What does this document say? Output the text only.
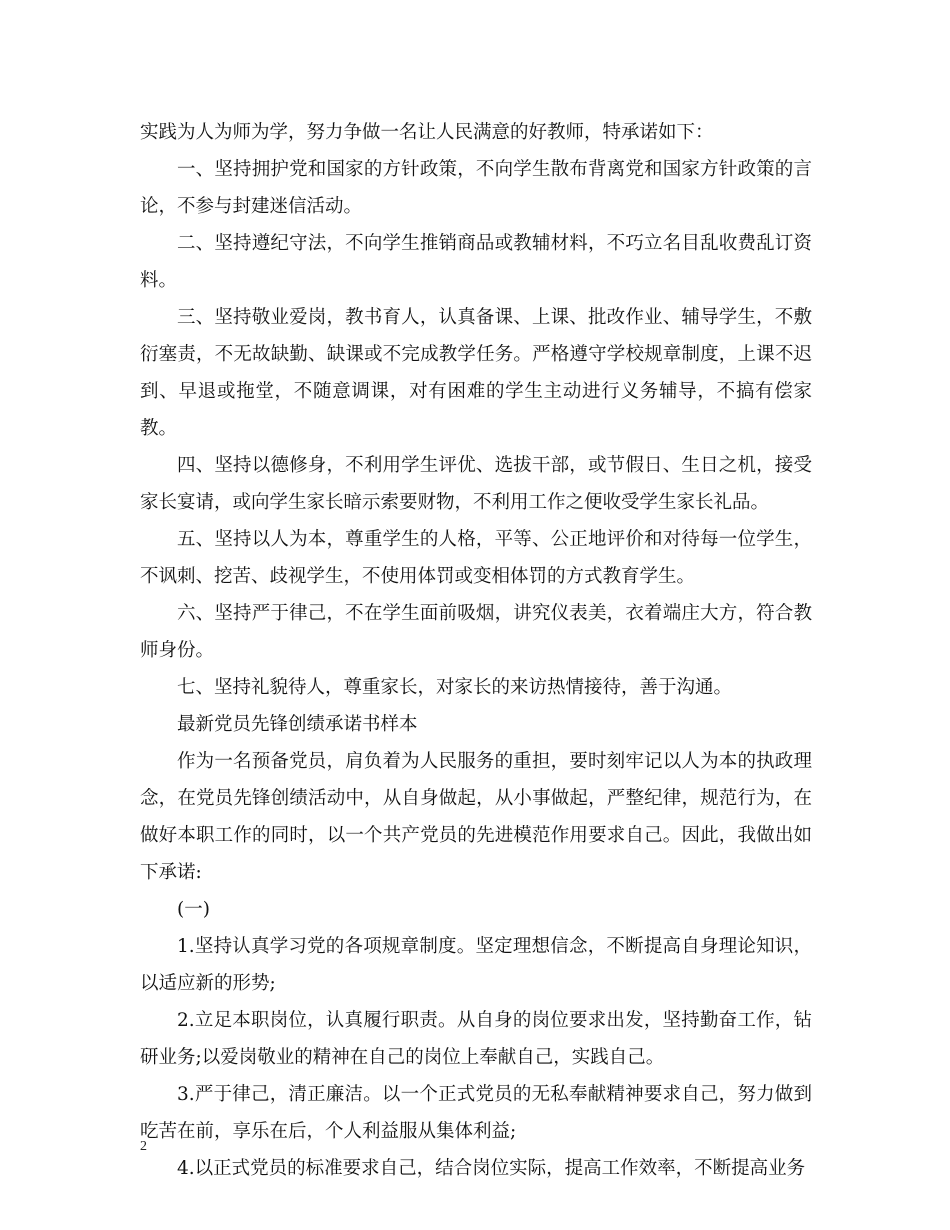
实践为人为师为学，努力争做一名让人民满意的好教师，特承诺如下：

一、坚持拥护党和国家的方针政策，不向学生散布背离党和国家方针政策的言论，不参与封建迷信活动。

二、坚持遵纪守法，不向学生推销商品或教辅材料，不巧立名目乱收费乱订资料。

三、坚持敬业爱岗，教书育人，认真备课、上课、批改作业、辅导学生，不敷衍塞责，不无故缺勤、缺课或不完成教学任务。严格遵守学校规章制度，上课不迟到、早退或拖堂，不随意调课，对有困难的学生主动进行义务辅导，不搞有偿家教。

四、坚持以德修身，不利用学生评优、选拔干部，或节假日、生日之机，接受家长宴请，或向学生家长暗示索要财物，不利用工作之便收受学生家长礼品。

五、坚持以人为本，尊重学生的人格，平等、公正地评价和对待每一位学生，不讽刺、挖苦、歧视学生，不使用体罚或变相体罚的方式教育学生。

六、坚持严于律己，不在学生面前吸烟，讲究仪表美，衣着端庄大方，符合教师身份。

七、坚持礼貌待人，尊重家长，对家长的来访热情接待，善于沟通。

最新党员先锋创绩承诺书样本

作为一名预备党员，肩负着为人民服务的重担，要时刻牢记以人为本的执政理念，在党员先锋创绩活动中，从自身做起，从小事做起，严整纪律，规范行为，在做好本职工作的同时，以一个共产党员的先进模范作用要求自己。因此，我做出如下承诺:

(一)

1.坚持认真学习党的各项规章制度。坚定理想信念，不断提高自身理论知识，以适应新的形势;

2.立足本职岗位，认真履行职责。从自身的岗位要求出发，坚持勤奋工作，钻研业务;以爱岗敬业的精神在自己的岗位上奉献自己，实践自己。

3.严于律己，清正廉洁。以一个正式党员的无私奉献精神要求自己，努力做到吃苦在前，享乐在后，个人利益服从集体利益;

4.以正式党员的标准要求自己，结合岗位实际，提高工作效率，不断提高业务

2
